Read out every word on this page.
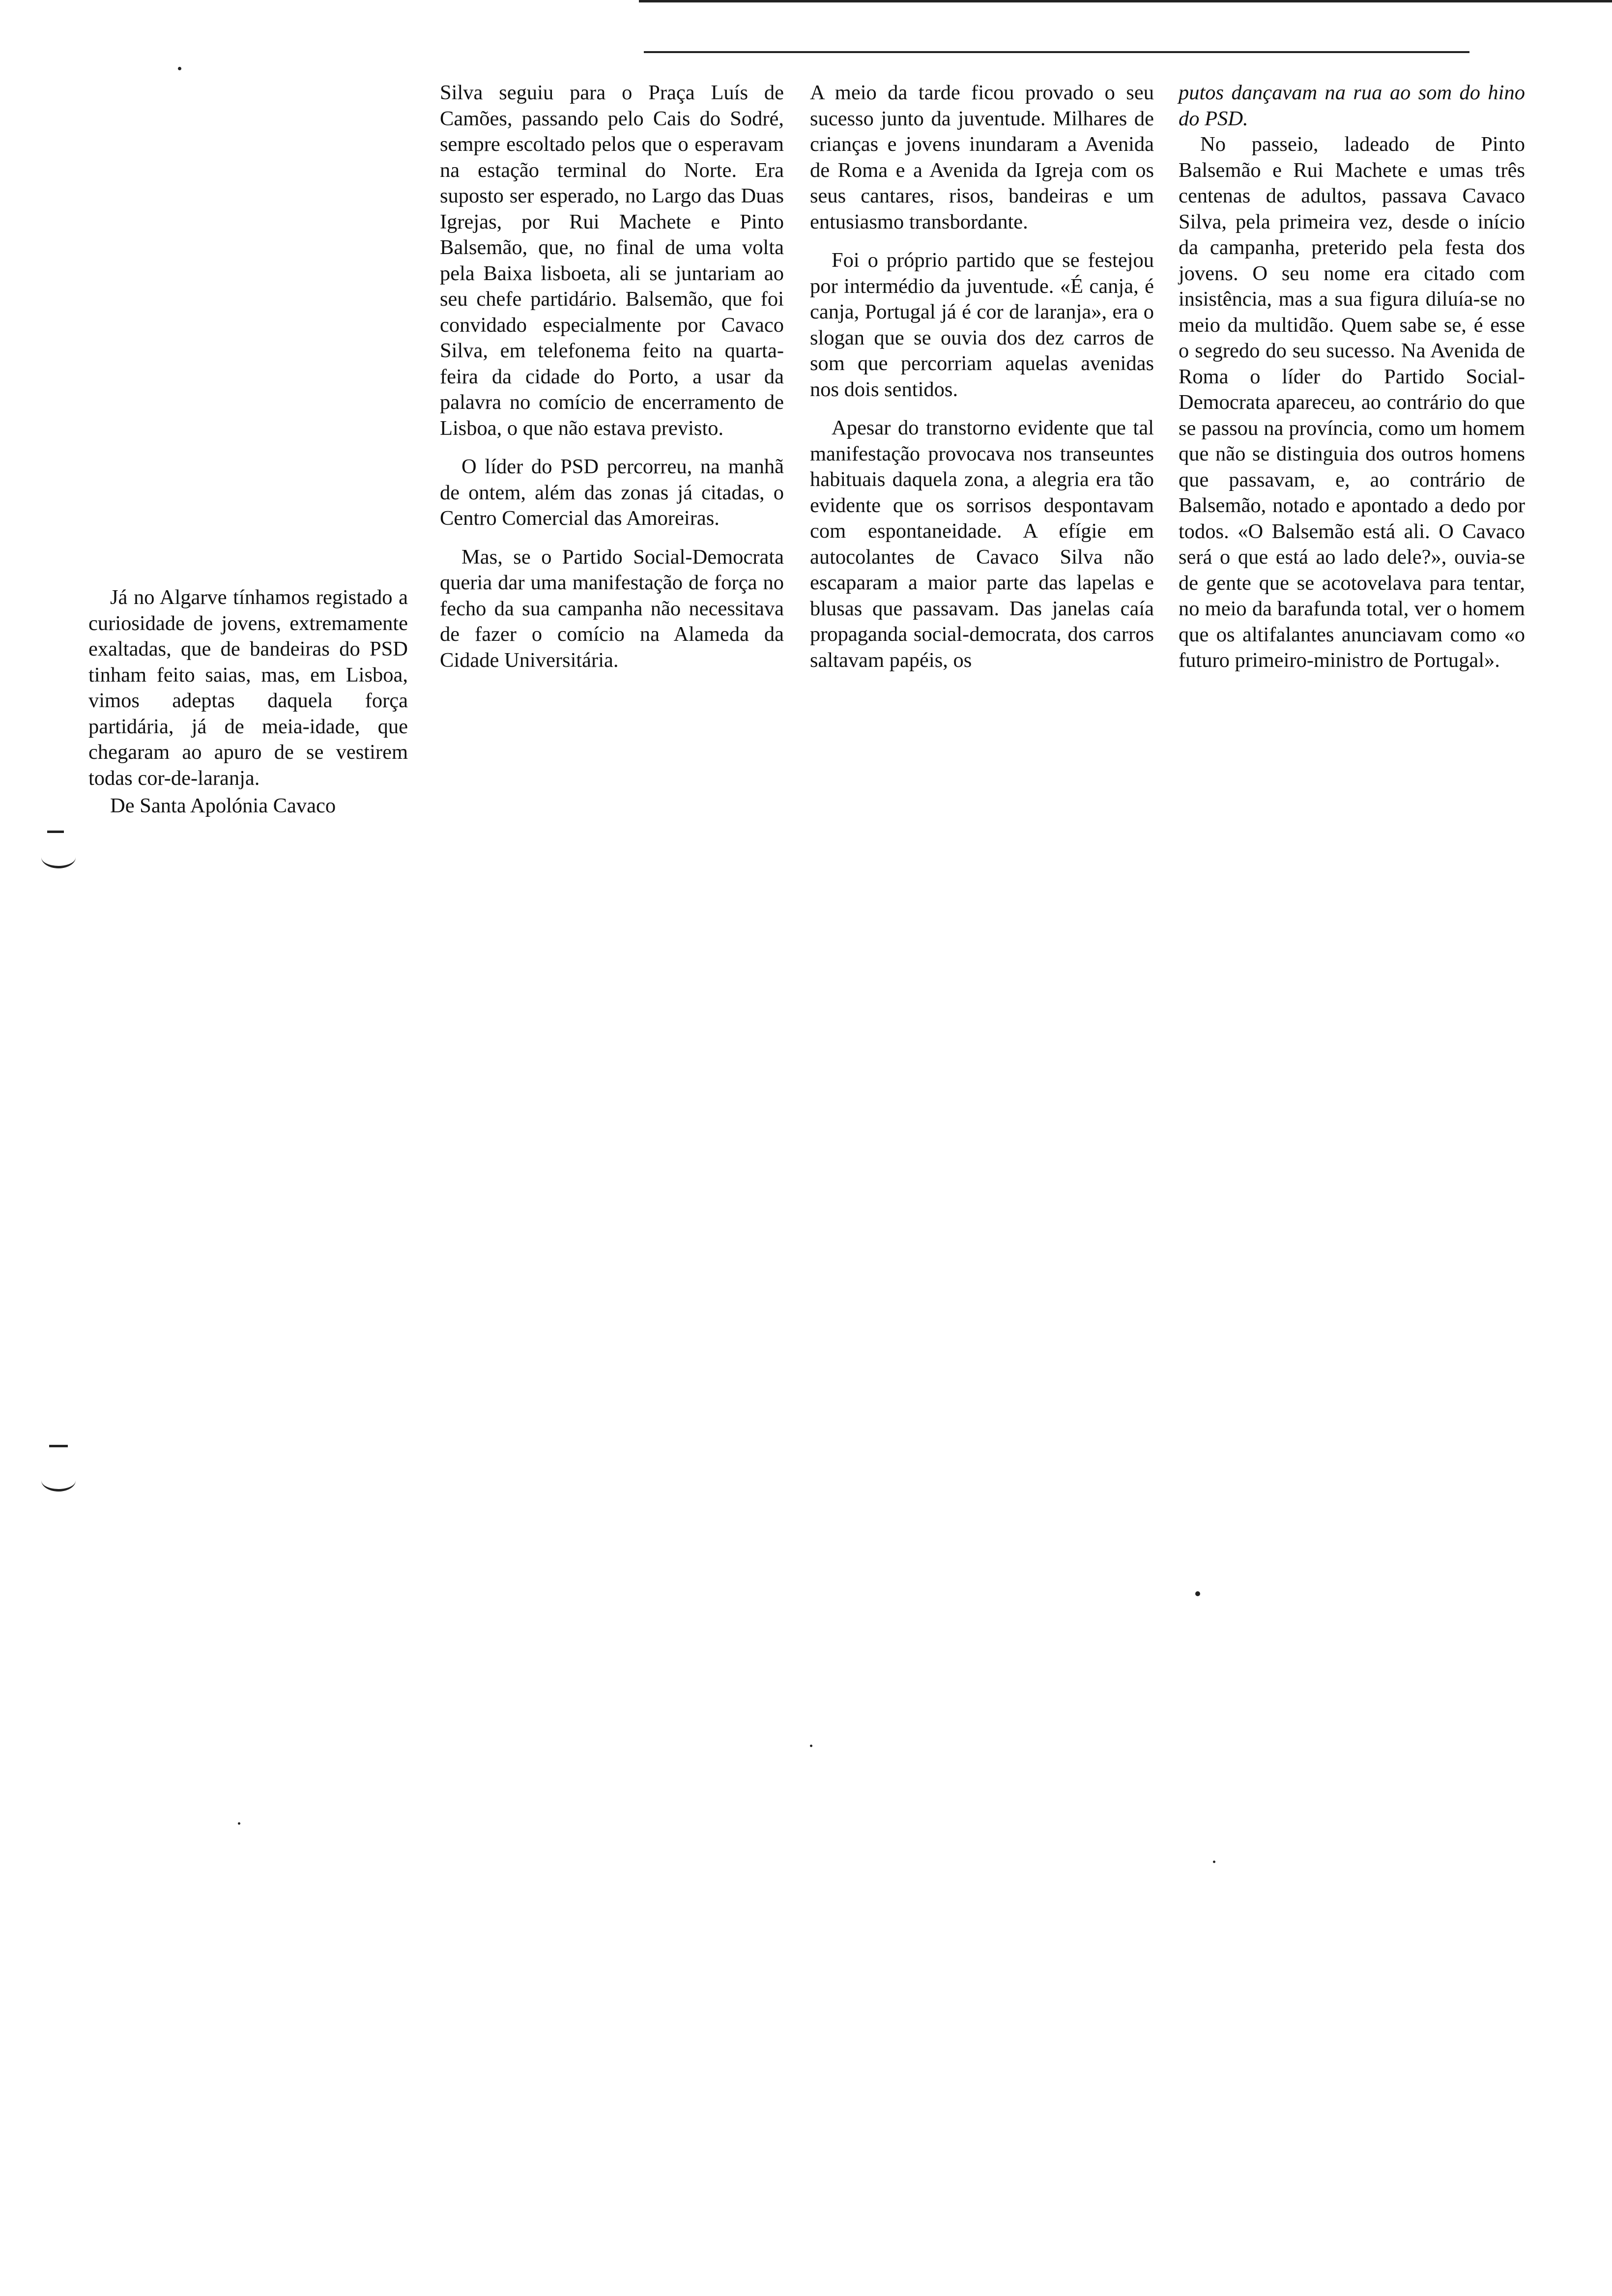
Já no Algarve tínhamos registado a curiosidade de jovens, extremamente exaltadas, que de bandeiras do PSD tinham feito saias, mas, em Lisboa, vimos adeptas daquela força partidária, já de meia-idade, que chegaram ao apuro de se vestirem todas cor-de-laranja.

De Santa Apolónia Cavaco

Silva seguiu para o Praça Luís de Camões, passando pelo Cais do Sodré, sempre escoltado pelos que o esperavam na estação terminal do Norte. Era suposto ser esperado, no Largo das Duas Igrejas, por Rui Machete e Pinto Balsemão, que, no final de uma volta pela Baixa lisboeta, ali se juntariam ao seu chefe partidário. Balsemão, que foi convidado especialmente por Cavaco Silva, em telefonema feito na quarta-feira da cidade do Porto, a usar da palavra no comício de encerramento de Lisboa, o que não estava previsto.

O líder do PSD percorreu, na manhã de ontem, além das zonas já citadas, o Centro Comercial das Amoreiras.

Mas, se o Partido Social-Democrata queria dar uma manifestação de força no fecho da sua campanha não necessitava de fazer o comício na Alameda da Cidade Universitária.

A meio da tarde ficou provado o seu sucesso junto da juventude. Milhares de crianças e jovens inundaram a Avenida de Roma e a Avenida da Igreja com os seus cantares, risos, bandeiras e um entusiasmo transbordante.

Foi o próprio partido que se festejou por intermédio da juventude. «É canja, é canja, Portugal já é cor de laranja», era o slogan que se ouvia dos dez carros de som que percorriam aquelas avenidas nos dois sentidos.

Apesar do transtorno evidente que tal manifestação provocava nos transeuntes habituais daquela zona, a alegria era tão evidente que os sorrisos despontavam com espontaneidade. A efígie em autocolantes de Cavaco Silva não escaparam a maior parte das lapelas e blusas que passavam. Das janelas caía propaganda social-democrata, dos carros saltavam papéis, os

putos dançavam na rua ao som do hino do PSD.

No passeio, ladeado de Pinto Balsemão e Rui Machete e umas três centenas de adultos, passava Cavaco Silva, pela primeira vez, desde o início da campanha, preterido pela festa dos jovens. O seu nome era citado com insistência, mas a sua figura diluía-se no meio da multidão. Quem sabe se, é esse o segredo do seu sucesso. Na Avenida de Roma o líder do Partido Social-Democrata apareceu, ao contrário do que se passou na província, como um homem que não se distinguia dos outros homens que passavam, e, ao contrário de Balsemão, notado e apontado a dedo por todos. «O Balsemão está ali. O Cavaco será o que está ao lado dele?», ouvia-se de gente que se acotovelava para tentar, no meio da barafunda total, ver o homem que os altifalantes anunciavam como «o futuro primeiro-ministro de Portugal».
